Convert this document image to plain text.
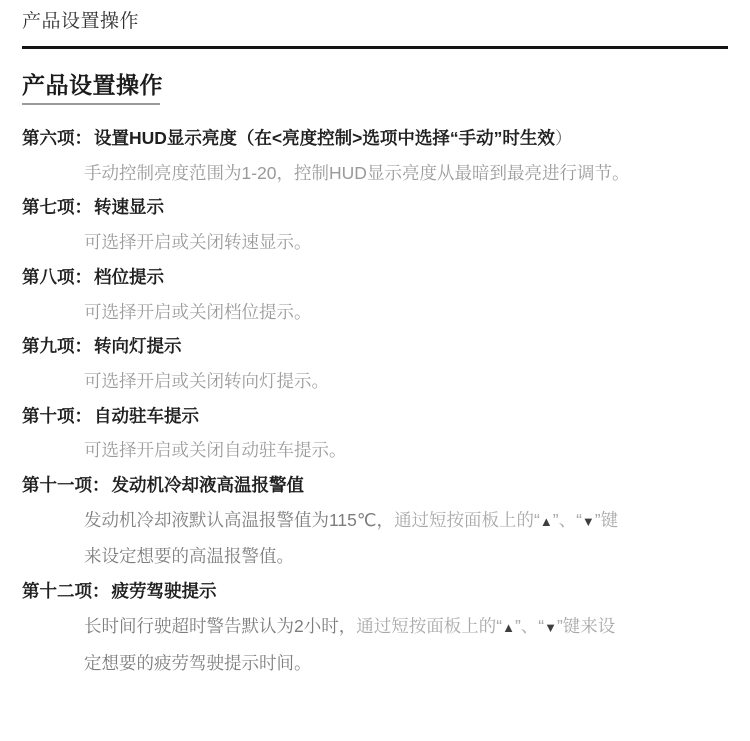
产品设置操作
产品设置操作
第六项： 设置HUD显示亮度（在<亮度控制>选项中选择“手动”时生效）
手动控制亮度范围为1-20，控制HUD显示亮度从最暗到最亮进行调节。
第七项： 转速显示
可选择开启或关闭转速显示。
第八项： 档位提示
可选择开启或关闭档位提示。
第九项： 转向灯提示
可选择开启或关闭转向灯提示。
第十项： 自动驻车提示
可选择开启或关闭自动驻车提示。
第十一项： 发动机冷却液高温报警值
发动机冷却液默认高温报警值为115℃，通过短按面板上的“▲”、“▼”键
来设定想要的高温报警值。
第十二项： 疲劳驾驶提示
长时间行驶超时警告默认为2小时，通过短按面板上的“▲”、“▼”键来设
定想要的疲劳驾驶提示时间。
